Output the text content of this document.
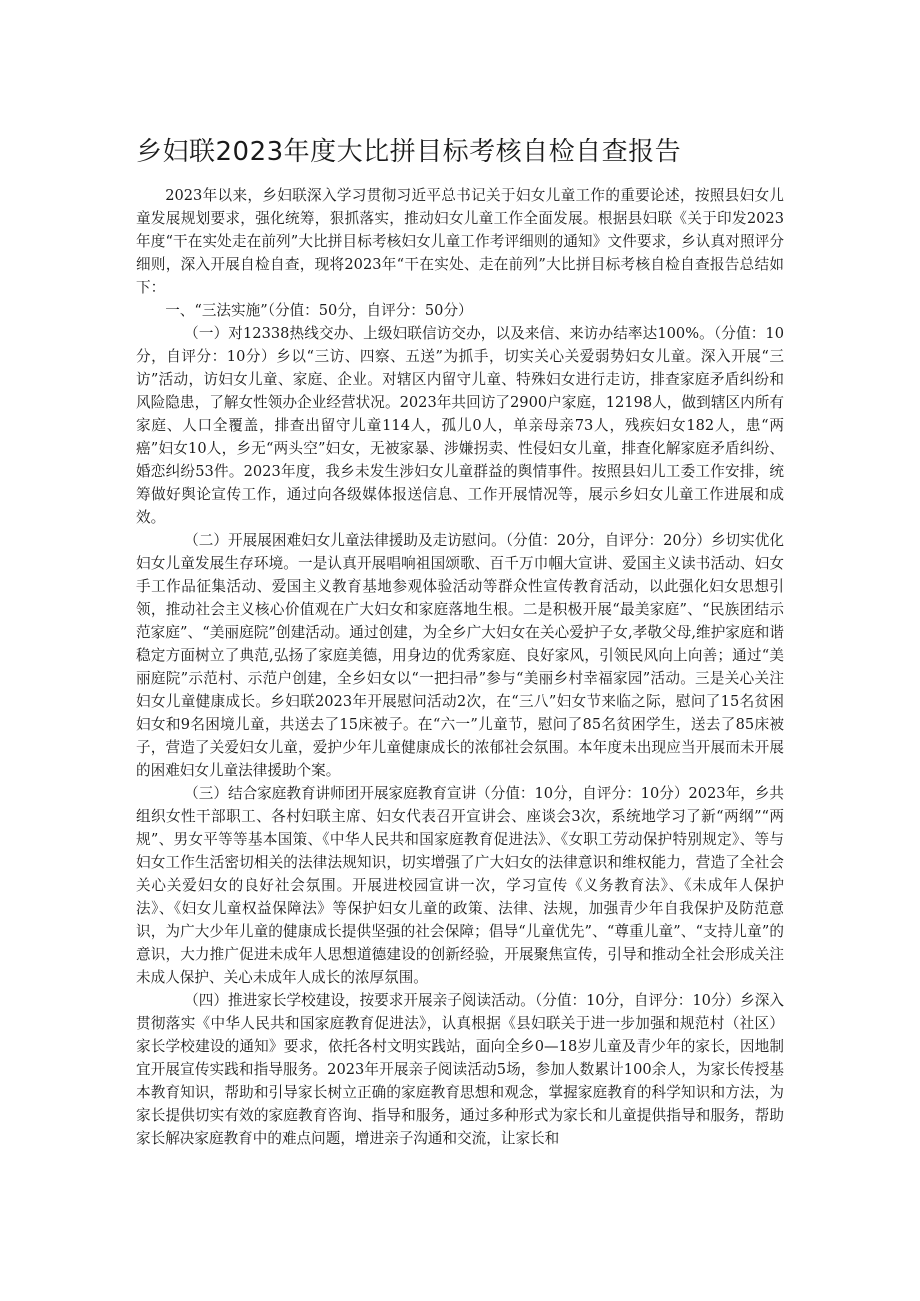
乡妇联2023年度大比拼目标考核自检自查报告

2023年以来，乡妇联深入学习贯彻习近平总书记关于妇女儿童工作的重要论述，按照县妇女儿童发展规划要求，强化统筹，狠抓落实，推动妇女儿童工作全面发展。根据县妇联《关于印发2023年度“干在实处走在前列”大比拼目标考核妇女儿童工作考评细则的通知》文件要求，乡认真对照评分细则，深入开展自检自查，现将2023年“干在实处、走在前列”大比拼目标考核自检自查报告总结如下：

一、“三法实施”（分值：50分，自评分：50分）

（一）对12338热线交办、上级妇联信访交办，以及来信、来访办结率达100%。（分值：10分，自评分：10分）乡以“三访、四察、五送”为抓手，切实关心关爱弱势妇女儿童。深入开展“三访”活动，访妇女儿童、家庭、企业。对辖区内留守儿童、特殊妇女进行走访，排查家庭矛盾纠纷和风险隐患，了解女性领办企业经营状况。2023年共回访了2900户家庭，12198人，做到辖区内所有家庭、人口全覆盖，排查出留守儿童114人，孤儿0人，单亲母亲73人，残疾妇女182人，患“两癌”妇女10人，乡无“两头空”妇女，无被家暴、涉嫌拐卖、性侵妇女儿童，排查化解家庭矛盾纠纷、婚恋纠纷53件。2023年度，我乡未发生涉妇女儿童群益的舆情事件。按照县妇儿工委工作安排，统筹做好舆论宣传工作，通过向各级媒体报送信息、工作开展情况等，展示乡妇女儿童工作进展和成效。

（二）开展展困难妇女儿童法律援助及走访慰问。（分值：20分，自评分：20分）乡切实优化妇女儿童发展生存环境。一是认真开展唱响祖国颂歌、百千万巾帼大宣讲、爱国主义读书活动、妇女手工作品征集活动、爱国主义教育基地参观体验活动等群众性宣传教育活动，以此强化妇女思想引领，推动社会主义核心价值观在广大妇女和家庭落地生根。二是积极开展“最美家庭”、“民族团结示范家庭”、“美丽庭院”创建活动。通过创建，为全乡广大妇女在关心爱护子女,孝敬父母,维护家庭和谐稳定方面树立了典范,弘扬了家庭美德，用身边的优秀家庭、良好家风，引领民风向上向善；通过“美丽庭院”示范村、示范户创建，全乡妇女以“一把扫帚”参与“美丽乡村幸福家园”活动。三是关心关注妇女儿童健康成长。乡妇联2023年开展慰问活动2次，在“三八”妇女节来临之际，慰问了15名贫困妇女和9名困境儿童，共送去了15床被子。在“六一”儿童节，慰问了85名贫困学生，送去了85床被子，营造了关爱妇女儿童，爱护少年儿童健康成长的浓郁社会氛围。本年度未出现应当开展而未开展的困难妇女儿童法律援助个案。

（三）结合家庭教育讲师团开展家庭教育宣讲（分值：10分，自评分：10分）2023年，乡共组织女性干部职工、各村妇联主席、妇女代表召开宣讲会、座谈会3次，系统地学习了新“两纲”“两规”、男女平等等基本国策、《中华人民共和国家庭教育促进法》、《女职工劳动保护特别规定》、等与妇女工作生活密切相关的法律法规知识，切实增强了广大妇女的法律意识和维权能力，营造了全社会关心关爱妇女的良好社会氛围。开展进校园宣讲一次，学习宣传《义务教育法》、《未成年人保护法》、《妇女儿童权益保障法》等保护妇女儿童的政策、法律、法规，加强青少年自我保护及防范意识，为广大少年儿童的健康成长提供坚强的社会保障；倡导“儿童优先”、“尊重儿童”、“支持儿童”的意识，大力推广促进未成年人思想道德建设的创新经验，开展聚焦宣传，引导和推动全社会形成关注未成人保护、关心未成年人成长的浓厚氛围。

（四）推进家长学校建设，按要求开展亲子阅读活动。（分值：10分，自评分：10分）乡深入贯彻落实《中华人民共和国家庭教育促进法》，认真根据《县妇联关于进一步加强和规范村（社区）家长学校建设的通知》要求，依托各村文明实践站，面向全乡0—18岁儿童及青少年的家长，因地制宜开展宣传实践和指导服务。2023年开展亲子阅读活动5场，参加人数累计100余人，为家长传授基本教育知识，帮助和引导家长树立正确的家庭教育思想和观念，掌握家庭教育的科学知识和方法，为家长提供切实有效的家庭教育咨询、指导和服务，通过多种形式为家长和儿童提供指导和服务，帮助家长解决家庭教育中的难点问题，增进亲子沟通和交流，让家长和
